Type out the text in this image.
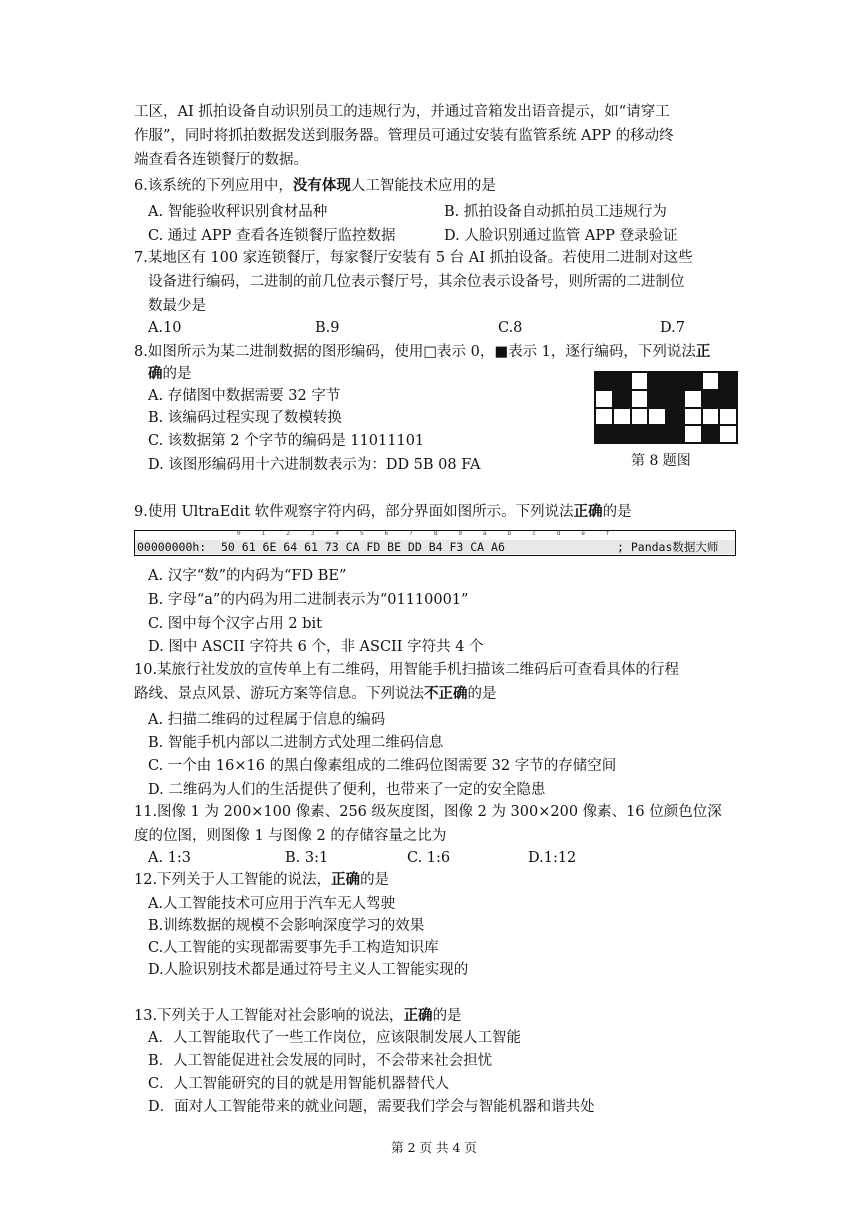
工区，AI 抓拍设备自动识别员工的违规行为，并通过音箱发出语音提示，如“请穿工
作服”，同时将抓拍数据发送到服务器。管理员可通过安装有监管系统 APP 的移动终
端查看各连锁餐厅的数据。
6.该系统的下列应用中，没有体现人工智能技术应用的是
A. 智能验收秤识别食材品种	B. 抓拍设备自动抓拍员工违规行为
C. 通过 APP 查看各连锁餐厅监控数据	D. 人脸识别通过监管 APP 登录验证
7.某地区有 100 家连锁餐厅，每家餐厅安装有 5 台 AI 抓拍设备。若使用二进制对这些
设备进行编码，二进制的前几位表示餐厅号，其余位表示设备号，则所需的二进制位
数最少是
A.10	B.9	C.8	D.7
8.如图所示为某二进制数据的图形编码，使用□表示 0，■表示 1，逐行编码，下列说法正
确的是
A. 存储图中数据需要 32 字节
B. 该编码过程实现了数模转换
C. 该数据第 2 个字节的编码是 11011101
D. 该图形编码用十六进制数表示为：DD 5B 08 FA	第 8 题图
9.使用 UltraEdit 软件观察字符内码，部分界面如图所示。下列说法正确的是
0	1	2	3	4	5	6	7	8	9	a	b	c	d	e	f
00000000h: 50 61 6E 64 61 73 CA FD BE DD B4 F3 CA A6	; Pandas数据大师
A. 汉字“数”的内码为“FD BE”
B. 字母“a”的内码为用二进制表示为“01110001”
C. 图中每个汉字占用 2 bit
D. 图中 ASCII 字符共 6 个，非 ASCII 字符共 4 个
10.某旅行社发放的宣传单上有二维码，用智能手机扫描该二维码后可查看具体的行程
路线、景点风景、游玩方案等信息。下列说法不正确的是
A. 扫描二维码的过程属于信息的编码
B. 智能手机内部以二进制方式处理二维码信息
C. 一个由 16×16 的黑白像素组成的二维码位图需要 32 字节的存储空间
D. 二维码为人们的生活提供了便利，也带来了一定的安全隐患
11.图像 1 为 200×100 像素、256 级灰度图，图像 2 为 300×200 像素、16 位颜色位深
度的位图，则图像 1 与图像 2 的存储容量之比为
A. 1:3	B. 3:1	C. 1:6	D.1:12
12.下列关于人工智能的说法，正确的是
A.人工智能技术可应用于汽车无人驾驶
B.训练数据的规模不会影响深度学习的效果
C.人工智能的实现都需要事先手工构造知识库
D.人脸识别技术都是通过符号主义人工智能实现的
13.下列关于人工智能对社会影响的说法，正确的是
A．人工智能取代了一些工作岗位，应该限制发展人工智能
B．人工智能促进社会发展的同时，不会带来社会担忧
C．人工智能研究的目的就是用智能机器替代人
D．面对人工智能带来的就业问题，需要我们学会与智能机器和谐共处
第 2 页 共 4 页
